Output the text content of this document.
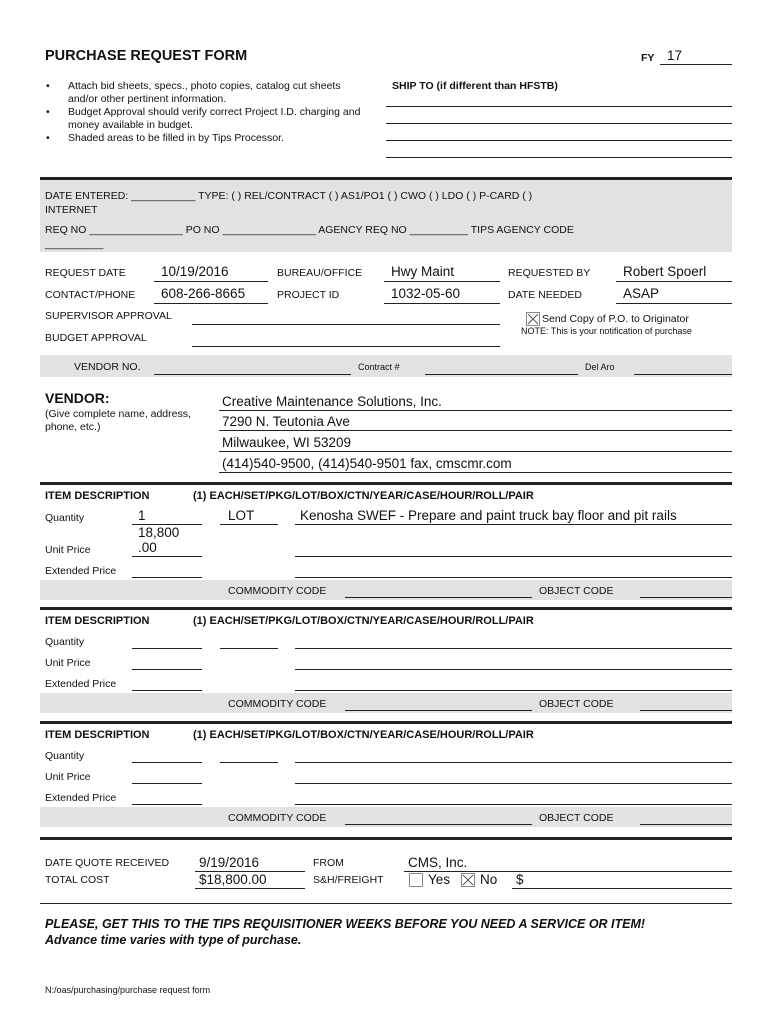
PURCHASE REQUEST FORM	FY 17
• Attach bid sheets, specs., photo copies, catalog cut sheets and/or other pertinent information.
• Budget Approval should verify correct Project I.D. charging and money available in budget.
• Shaded areas to be filled in by Tips Processor.
SHIP TO (if different than HFSTB)
DATE ENTERED: ___________ TYPE: ( ) REL/CONTRACT ( ) AS1/PO1 ( ) CWO ( ) LDO ( ) P-CARD ( )
INTERNET
REQ NO ________________ PO NO ________________ AGENCY REQ NO __________ TIPS AGENCY CODE
__________
REQUEST DATE	10/19/2016	BUREAU/OFFICE Hwy Maint	REQUESTED BY Robert Spoerl
CONTACT/PHONE 608-266-8665	PROJECT ID	1032-05-60	DATE NEEDED	ASAP
SUPERVISOR APPROVAL	Send Copy of P.O. to Originator
NOTE: This is your notification of purchase
BUDGET APPROVAL
VENDOR NO.	Contract #	Del Aro
VENDOR:
(Give complete name, address, phone, etc.)
Creative Maintenance Solutions, Inc.
7290 N. Teutonia Ave
Milwaukee, WI 53209
(414)540-9500, (414)540-9501 fax, cmscmr.com
ITEM DESCRIPTION	(1) EACH/SET/PKG/LOT/BOX/CTN/YEAR/CASE/HOUR/ROLL/PAIR
Quantity	1	LOT	Kenosha SWEF - Prepare and paint truck bay floor and pit rails
18,800
Unit Price	.00
Extended Price
COMMODITY CODE	OBJECT CODE
ITEM DESCRIPTION	(1) EACH/SET/PKG/LOT/BOX/CTN/YEAR/CASE/HOUR/ROLL/PAIR
Quantity
Unit Price
Extended Price
COMMODITY CODE	OBJECT CODE
ITEM DESCRIPTION	(1) EACH/SET/PKG/LOT/BOX/CTN/YEAR/CASE/HOUR/ROLL/PAIR
Quantity
Unit Price
Extended Price
COMMODITY CODE	OBJECT CODE
DATE QUOTE RECEIVED 9/19/2016	FROM	CMS, Inc.
TOTAL COST	$18,800.00	S&H/FREIGHT	Yes No $
PLEASE, GET THIS TO THE TIPS REQUISITIONER WEEKS BEFORE YOU NEED A SERVICE OR ITEM!
Advance time varies with type of purchase.
N:/oas/purchasing/purchase request form
